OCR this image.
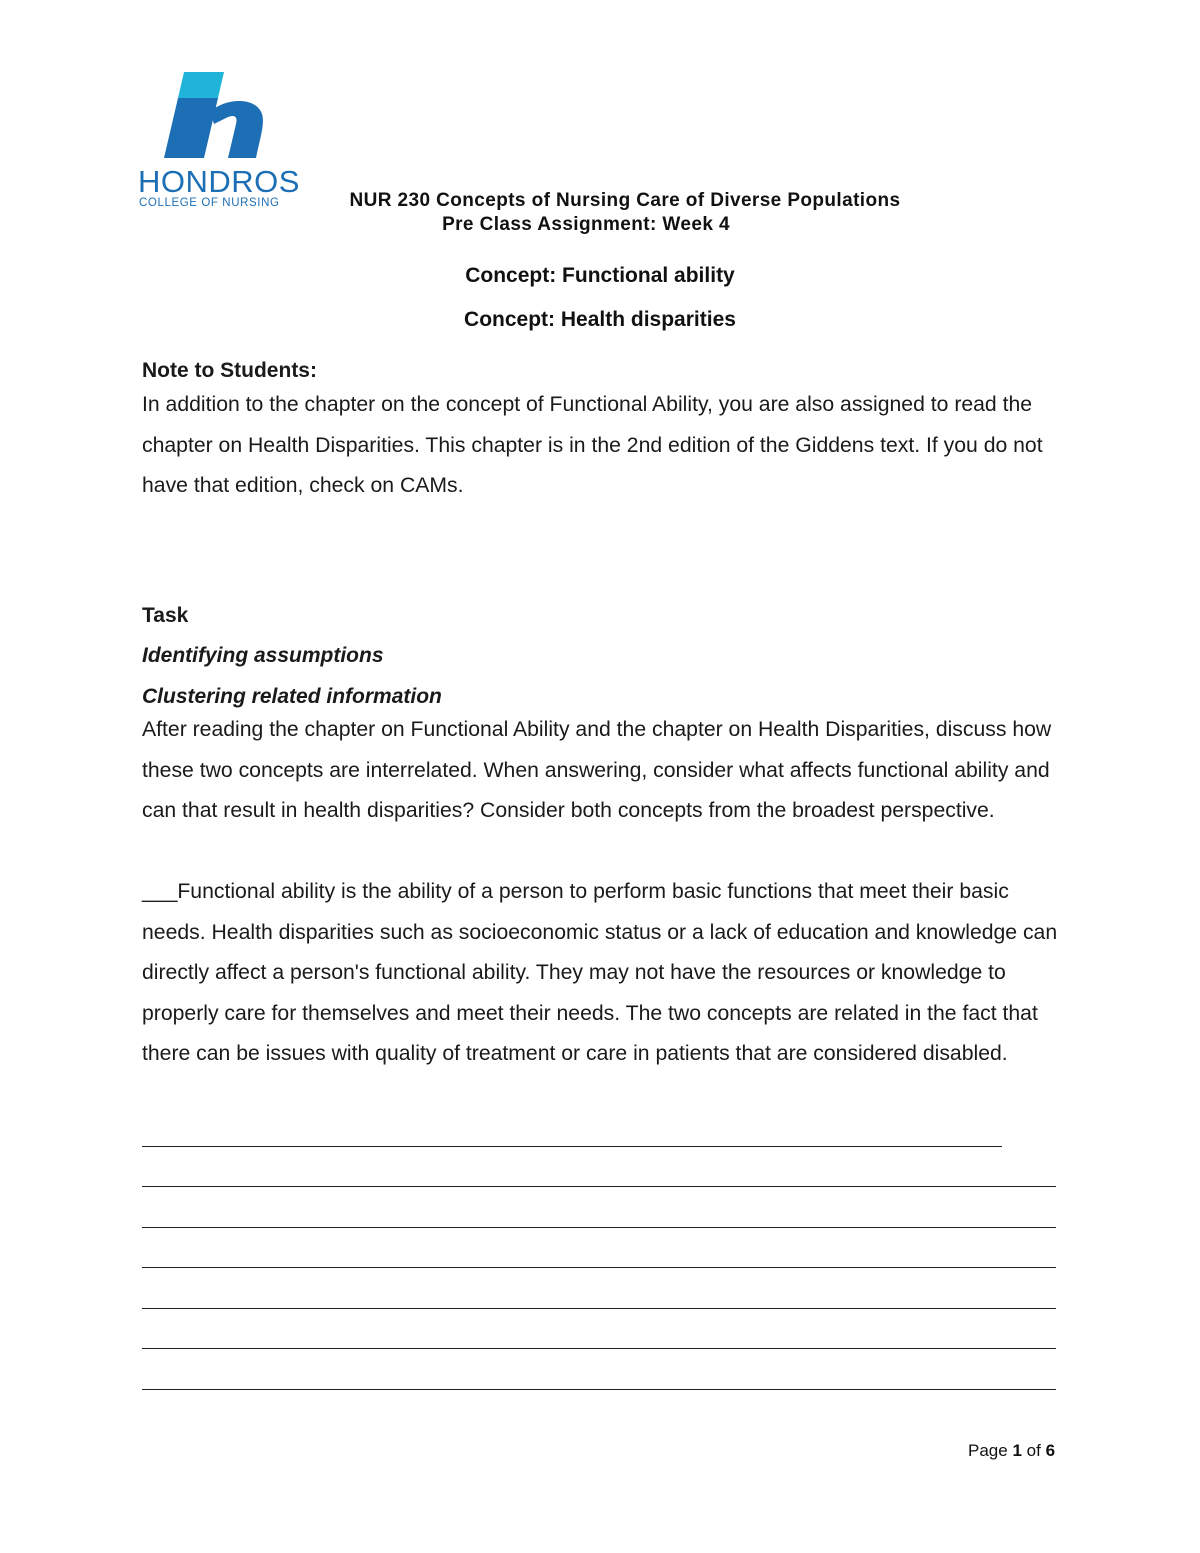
HONDROS
COLLEGE OF NURSING	NUR 230 Concepts of Nursing Care of Diverse Populations
Pre Class Assignment: Week 4
Concept: Functional ability
Concept: Health disparities
Note to Students:
In addition to the chapter on the concept of Functional Ability, you are also assigned to read the chapter on Health Disparities. This chapter is in the 2nd edition of the Giddens text. If you do not have that edition, check on CAMs.
Task
Identifying assumptions
Clustering related information
After reading the chapter on Functional Ability and the chapter on Health Disparities, discuss how these two concepts are interrelated. When answering, consider what affects functional ability and can that result in health disparities? Consider both concepts from the broadest perspective.
___Functional ability is the ability of a person to perform basic functions that meet their basic needs. Health disparities such as socioeconomic status or a lack of education and knowledge can directly affect a person's functional ability. They may not have the resources or knowledge to properly care for themselves and meet their needs. The two concepts are related in the fact that there can be issues with quality of treatment or care in patients that are considered disabled.
Page 1 of 6
